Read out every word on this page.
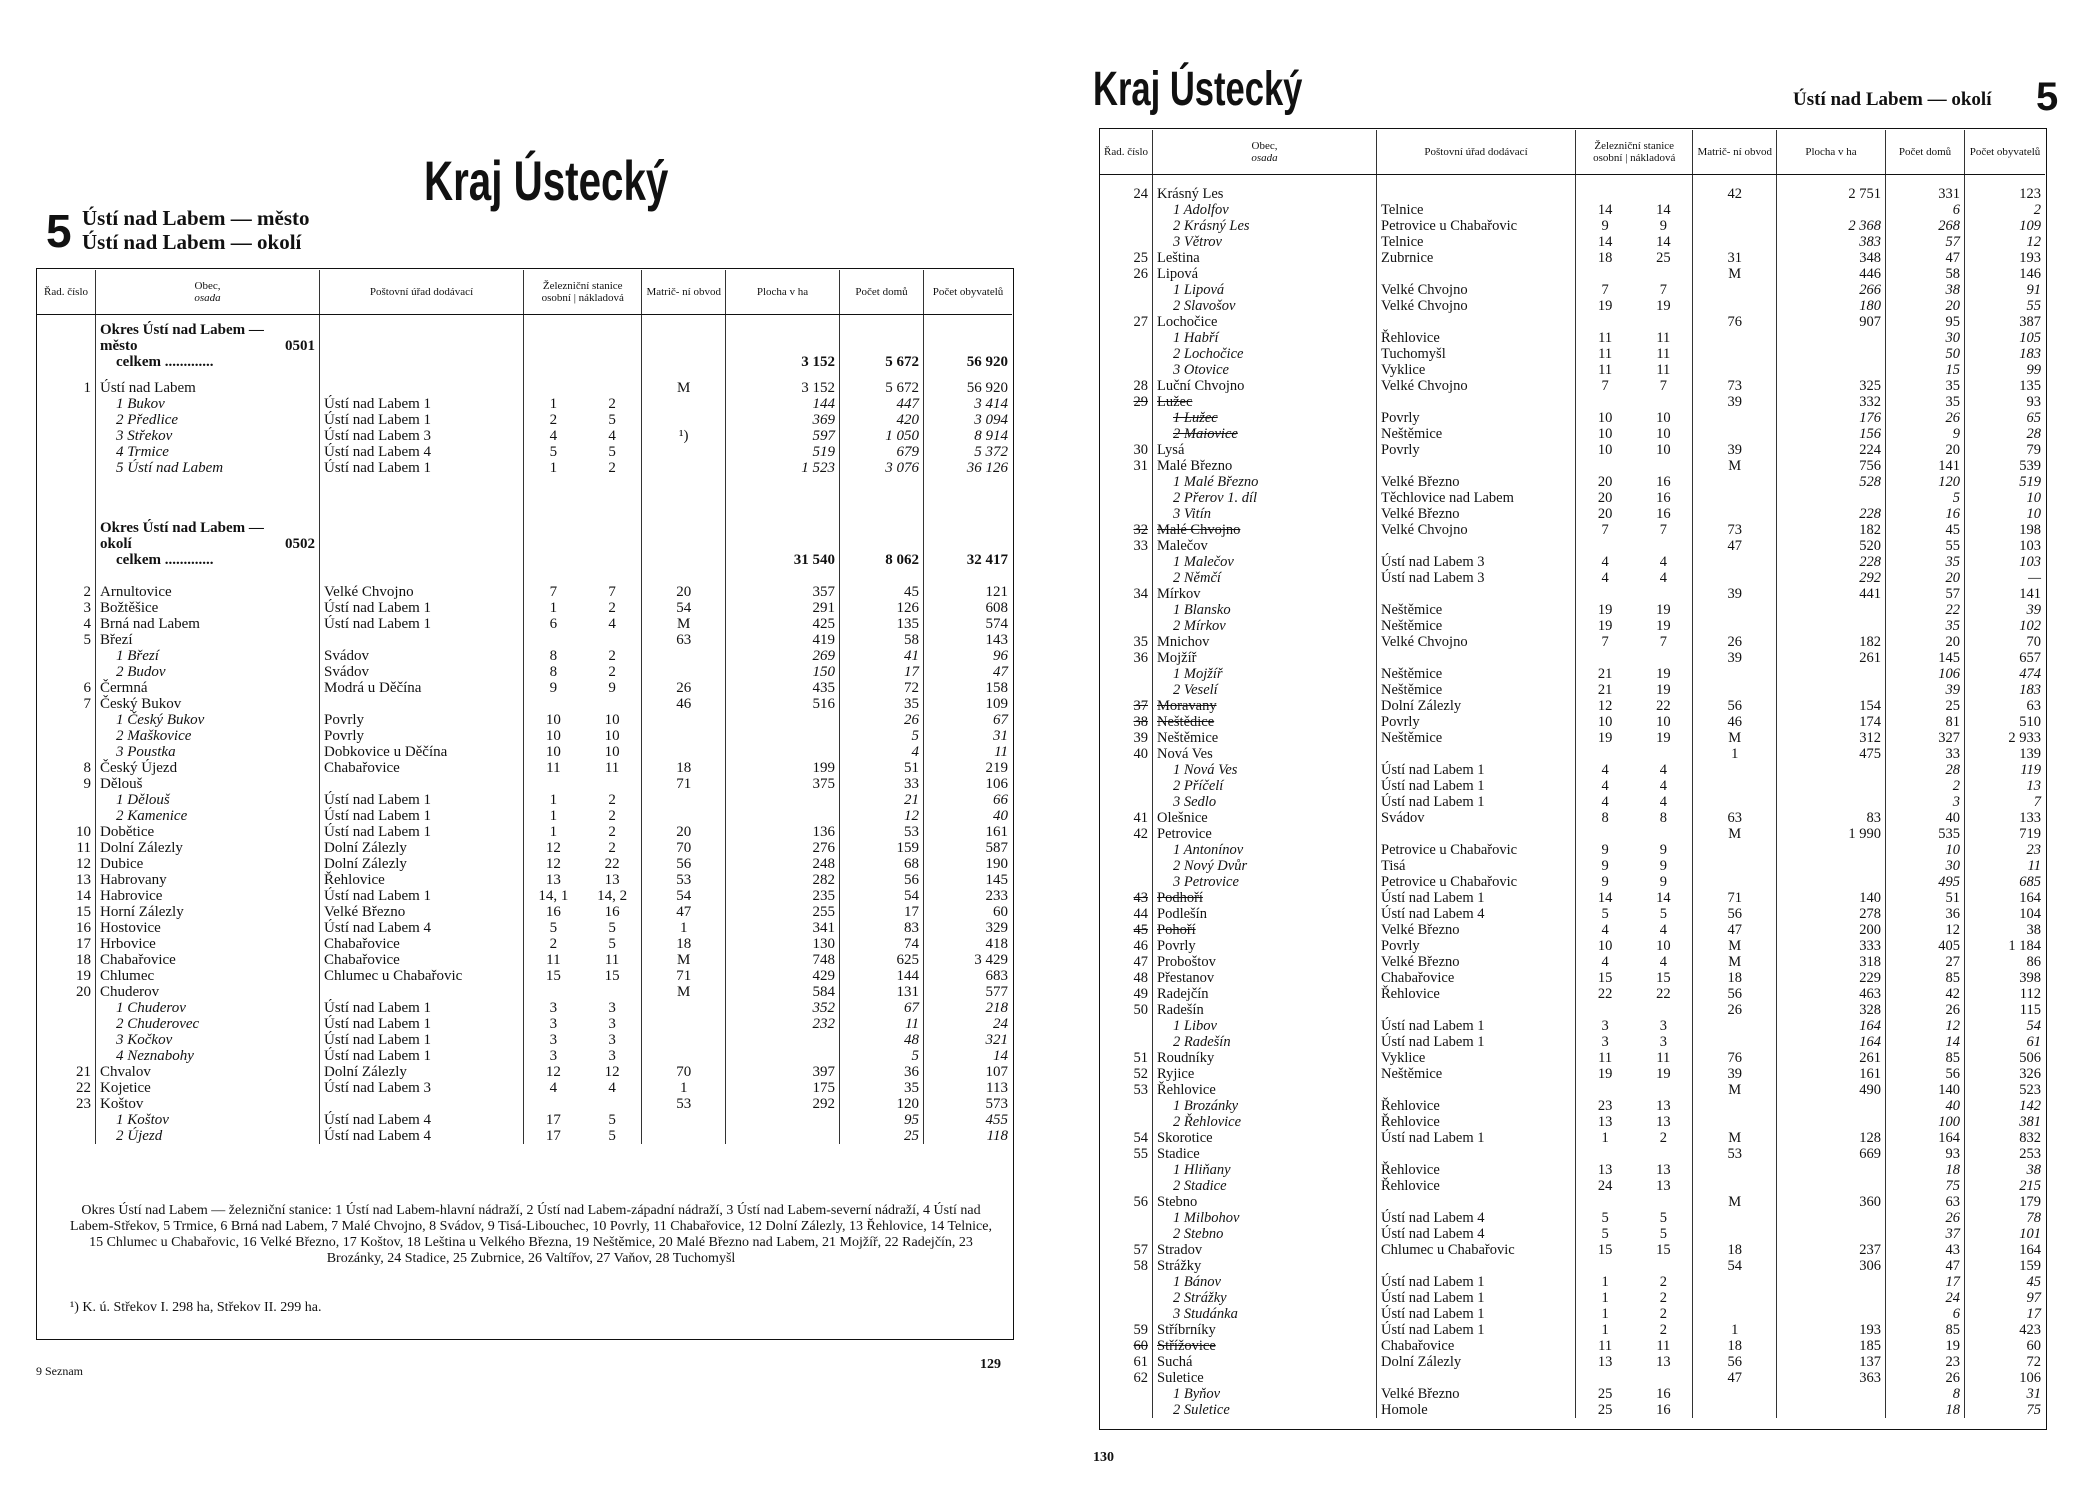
5 Ústí nad Labem — město
Ústí nad Labem — okolí
Kraj Ústecký
Řad. číslo	Obec,
osada	Poštovní úřad dodávací	Železniční stanice
osobní | nákladová		Matrič- ní obvod	Plocha v ha	Počet domů	Počet obyvatelů

	Okres Ústí nad Labem —
město 0501							

	celkem .............					3 152	5 672	56 920
1	Ústí nad Labem				M	3 152	5 672	56 920
	1 Bukov	Ústí nad Labem 1	1	2		144	447	3 414
	2 Předlice	Ústí nad Labem 1	2	5		369	420	3 094
	3 Střekov	Ústí nad Labem 3	4	4	¹)	597	1 050	8 914
	4 Trmice	Ústí nad Labem 4	5	5		519	679	5 372
	5 Ústí nad Labem	Ústí nad Labem 1	1	2		1 523	3 076	36 126

	Okres Ústí nad Labem —
okolí 0502							

	celkem .............					31 540	8 062	32 417

2	Arnultovice	Velké Chvojno	7	7	20	357	45	121
3	Božtěšice	Ústí nad Labem 1	1	2	54	291	126	608
4	Brná nad Labem	Ústí nad Labem 1	6	4	M	425	135	574
5	Březí				63	419	58	143
	1 Březí	Svádov	8	2		269	41	96
	2 Budov	Svádov	8	2		150	17	47
6	Čermná	Modrá u Děčína	9	9	26	435	72	158
7	Český Bukov				46	516	35	109
	1 Český Bukov	Povrly	10	10			26	67
	2 Maškovice	Povrly	10	10			5	31
	3 Poustka	Dobkovice u Děčína	10	10			4	11
8	Český Újezd	Chabařovice	11	11	18	199	51	219
9	Dělouš				71	375	33	106
	1 Dělouš	Ústí nad Labem 1	1	2			21	66
	2 Kamenice	Ústí nad Labem 1	1	2			12	40
10	Dobětice	Ústí nad Labem 1	1	2	20	136	53	161
11	Dolní Zálezly	Dolní Zálezly	12	2	70	276	159	587
12	Dubice	Dolní Zálezly	12	22	56	248	68	190
13	Habrovany	Řehlovice	13	13	53	282	56	145
14	Habrovice	Ústí nad Labem 1	14, 1	14, 2	54	235	54	233
15	Horní Zálezly	Velké Březno	16	16	47	255	17	60
16	Hostovice	Ústí nad Labem 4	5	5	1	341	83	329
17	Hrbovice	Chabařovice	2	5	18	130	74	418
18	Chabařovice	Chabařovice	11	11	M	748	625	3 429
19	Chlumec	Chlumec u Chabařovic	15	15	71	429	144	683
20	Chuderov				M	584	131	577
	1 Chuderov	Ústí nad Labem 1	3	3		352	67	218
	2 Chuderovec	Ústí nad Labem 1	3	3		232	11	24
	3 Kočkov	Ústí nad Labem 1	3	3			48	321
	4 Neznabohy	Ústí nad Labem 1	3	3			5	14
21	Chvalov	Dolní Zálezly	12	12	70	397	36	107
22	Kojetice	Ústí nad Labem 3	4	4	1	175	35	113
23	Koštov				53	292	120	573
	1 Koštov	Ústí nad Labem 4	17	5			95	455
	2 Újezd	Ústí nad Labem 4	17	5			25	118
Okres Ústí nad Labem — železniční stanice: 1 Ústí nad Labem-hlavní nádraží, 2 Ústí nad Labem-západní nádraží, 3 Ústí nad Labem-severní nádraží, 4 Ústí nad Labem-Střekov, 5 Trmice, 6 Brná nad Labem, 7 Malé Chvojno, 8 Svádov, 9 Tisá-Libouchec, 10 Povrly, 11 Chabařovice, 12 Dolní Zálezly, 13 Řehlovice, 14 Telnice, 15 Chlumec u Chabařovic, 16 Velké Březno, 17 Koštov, 18 Leština u Velkého Března, 19 Neštěmice, 20 Malé Březno nad Labem, 21 Mojžíř, 22 Radejčín, 23 Brozánky, 24 Stadice, 25 Zubrnice, 26 Valtířov, 27 Vaňov, 28 Tuchomyšl
¹) K. ú. Střekov I. 298 ha, Střekov II. 299 ha.
9 Seznam	129
Kraj Ústecký	Ústí nad Labem — okolí 5
Řad. číslo	Obec,
osada	Poštovní úřad dodávací	Železniční stanice
osobní | nákladová		Matrič- ní obvod	Plocha v ha	Počet domů	Počet obyvatelů

24	Krásný Les				42	2 751	331	123
	1 Adolfov	Telnice	14	14			6	2
	2 Krásný Les	Petrovice u Chabařovic	9	9		2 368	268	109
	3 Větrov	Telnice	14	14		383	57	12
25	Leština	Zubrnice	18	25	31	348	47	193
26	Lipová				M	446	58	146
	1 Lipová	Velké Chvojno	7	7		266	38	91
	2 Slavošov	Velké Chvojno	19	19		180	20	55
27	Lochočice				76	907	95	387
	1 Habří	Řehlovice	11	11			30	105
	2 Lochočice	Tuchomyšl	11	11			50	183
	3 Otovice	Vyklice	11	11			15	99
28	Luční Chvojno	Velké Chvojno	7	7	73	325	35	135
29	Lužec				39	332	35	93
	1 Lužec	Povrly	10	10		176	26	65
	2 Maiovice	Neštěmice	10	10		156	9	28
30	Lysá	Povrly	10	10	39	224	20	79
31	Malé Březno				M	756	141	539
	1 Malé Březno	Velké Březno	20	16		528	120	519
	2 Přerov 1. díl	Těchlovice nad Labem	20	16			5	10
	3 Vitín	Velké Březno	20	16		228	16	10
32	Malé Chvojno	Velké Chvojno	7	7	73	182	45	198
33	Malečov				47	520	55	103
	1 Malečov	Ústí nad Labem 3	4	4		228	35	103
	2 Němčí	Ústí nad Labem 3	4	4		292	20	—
34	Mírkov				39	441	57	141
	1 Blansko	Neštěmice	19	19			22	39
	2 Mírkov	Neštěmice	19	19			35	102
35	Mnichov	Velké Chvojno	7	7	26	182	20	70
36	Mojžíř				39	261	145	657
	1 Mojžíř	Neštěmice	21	19			106	474
	2 Veselí	Neštěmice	21	19			39	183
37	Moravany	Dolní Zálezly	12	22	56	154	25	63
38	Neštědice	Povrly	10	10	46	174	81	510
39	Neštěmice	Neštěmice	19	19	M	312	327	2 933
40	Nová Ves				1	475	33	139
	1 Nová Ves	Ústí nad Labem 1	4	4			28	119
	2 Příčelí	Ústí nad Labem 1	4	4			2	13
	3 Sedlo	Ústí nad Labem 1	4	4			3	7
41	Olešnice	Svádov	8	8	63	83	40	133
42	Petrovice				M	1 990	535	719
	1 Antonínov	Petrovice u Chabařovic	9	9			10	23
	2 Nový Dvůr	Tisá	9	9			30	11
	3 Petrovice	Petrovice u Chabařovic	9	9			495	685
43	Podhoří	Ústí nad Labem 1	14	14	71	140	51	164
44	Podlešín	Ústí nad Labem 4	5	5	56	278	36	104
45	Pohoří	Velké Březno	4	4	47	200	12	38
46	Povrly	Povrly	10	10	M	333	405	1 184
47	Proboštov	Velké Březno	4	4	M	318	27	86
48	Přestanov	Chabařovice	15	15	18	229	85	398
49	Radejčín	Řehlovice	22	22	56	463	42	112
50	Radešín				26	328	26	115
	1 Libov	Ústí nad Labem 1	3	3		164	12	54
	2 Radešín	Ústí nad Labem 1	3	3		164	14	61
51	Roudníky	Vyklice	11	11	76	261	85	506
52	Ryjice	Neštěmice	19	19	39	161	56	326
53	Řehlovice				M	490	140	523
	1 Brozánky	Řehlovice	23	13			40	142
	2 Řehlovice	Řehlovice	13	13			100	381
54	Skorotice	Ústí nad Labem 1	1	2	M	128	164	832
55	Stadice				53	669	93	253
	1 Hliňany	Řehlovice	13	13			18	38
	2 Stadice	Řehlovice	24	13			75	215
56	Stebno				M	360	63	179
	1 Milbohov	Ústí nad Labem 4	5	5			26	78
	2 Stebno	Ústí nad Labem 4	5	5			37	101
57	Stradov	Chlumec u Chabařovic	15	15	18	237	43	164
58	Strážky				54	306	47	159
	1 Bánov	Ústí nad Labem 1	1	2			17	45
	2 Strážky	Ústí nad Labem 1	1	2			24	97
	3 Studánka	Ústí nad Labem 1	1	2			6	17
59	Stříbrníky	Ústí nad Labem 1	1	2	1	193	85	423
60	Střížovice	Chabařovice	11	11	18	185	19	60
61	Suchá	Dolní Zálezly	13	13	56	137	23	72
62	Suletice				47	363	26	106
	1 Byňov	Velké Březno	25	16			8	31
	2 Suletice	Homole	25	16			18	75
130
